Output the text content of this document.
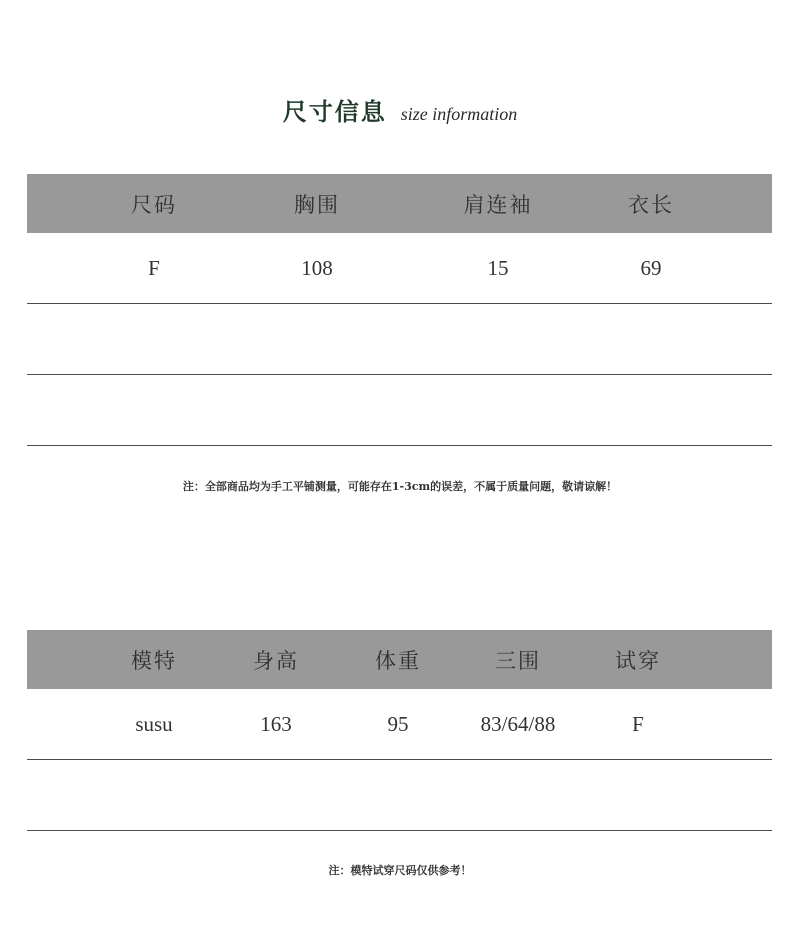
尺寸信息 size information
尺码	胸围	肩连袖	衣长
F	108	15	69
注：全部商品均为手工平铺测量，可能存在1-3cm的误差，不属于质量问题，敬请谅解！
模特	身高	体重	三围	试穿
susu	163	95	83/64/88	F
注：模特试穿尺码仅供参考！
